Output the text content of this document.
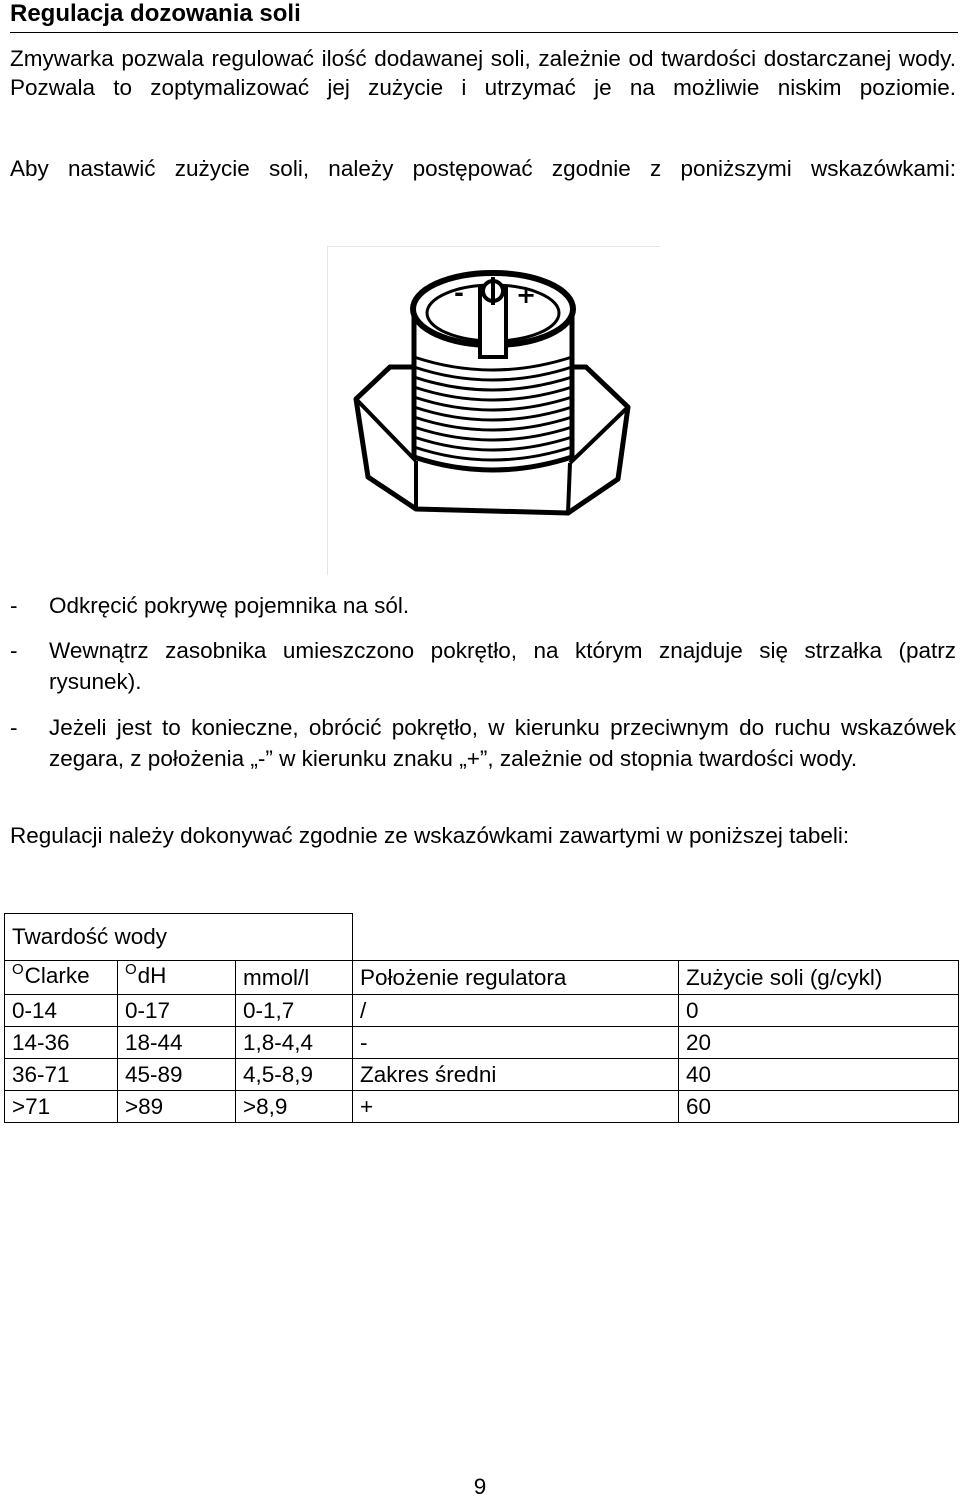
Regulacja dozowania soli
Zmywarka pozwala regulować ilość dodawanej soli, zależnie od twardości dostarczanej wody. Pozwala to zoptymalizować jej zużycie i utrzymać je na możliwie niskim poziomie.
Aby nastawić zużycie soli, należy postępować zgodnie z poniższymi wskazówkami:
- +
- Odkręcić pokrywę pojemnika na sól.
- Wewnątrz zasobnika umieszczono pokrętło, na którym znajduje się strzałka (patrz rysunek).
- Jeżeli jest to konieczne, obrócić pokrętło, w kierunku przeciwnym do ruchu wskazówek zegara, z położenia „-” w kierunku znaku „+”, zależnie od stopnia twardości wody.
Regulacji należy dokonywać zgodnie ze wskazówkami zawartymi w poniższej tabeli:
Twardość wody				
$^O$Clarke	$^O$dH	mmol/l	Położenie regulatora	Zużycie soli (g/cykl)
0-14	0-17	0-1,7	/	0
14-36	18-44	1,8-4,4	-	20
36-71	45-89	4,5-8,9	Zakres średni	40
>71	>89	>8,9	+	60
9
